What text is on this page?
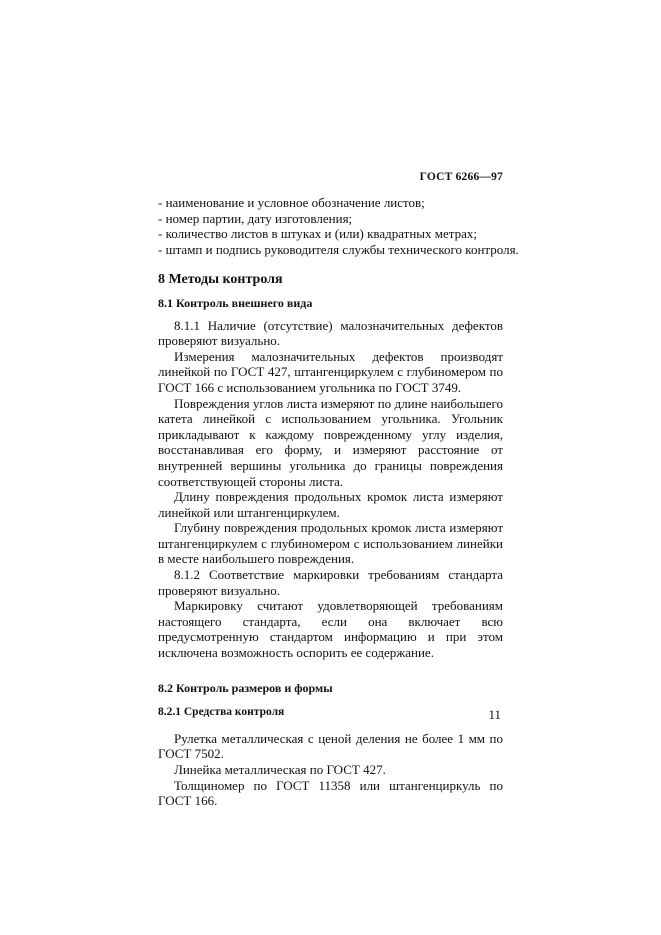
ГОСТ 6266—97
- наименование и условное обозначение листов;
- номер партии, дату изготовления;
- количество листов в штуках и (или) квадратных метрах;
- штамп и подпись руководителя службы технического контроля.
8 Методы контроля
8.1 Контроль внешнего вида

8.1.1 Наличие (отсутствие) малозначительных дефектов проверяют визуально.

Измерения малозначительных дефектов производят линейкой по ГОСТ 427, штангенциркулем с глубиномером по ГОСТ 166 с использованием угольника по ГОСТ 3749.

Повреждения углов листа измеряют по длине наибольшего катета линейкой с использованием угольника. Угольник прикладывают к каждому поврежденному углу изделия, восстанавливая его форму, и измеряют расстояние от внутренней вершины угольника до границы повреждения соответствующей стороны листа.

Длину повреждения продольных кромок листа измеряют линейкой или штангенциркулем.

Глубину повреждения продольных кромок листа измеряют штангенциркулем с глубиномером с использованием линейки в месте наибольшего повреждения.

8.1.2 Соответствие маркировки требованиям стандарта проверяют визуально.

Маркировку считают удовлетворяющей требованиям настоящего стандарта, если она включает всю предусмотренную стандартом информацию и при этом исключена возможность оспорить ее содержание.

8.2 Контроль размеров и формы
8.2.1 Средства контроля

Рулетка металлическая с ценой деления не более 1 мм по ГОСТ 7502.

Линейка металлическая по ГОСТ 427.

Толщиномер по ГОСТ 11358 или штангенциркуль по ГОСТ 166.

11
